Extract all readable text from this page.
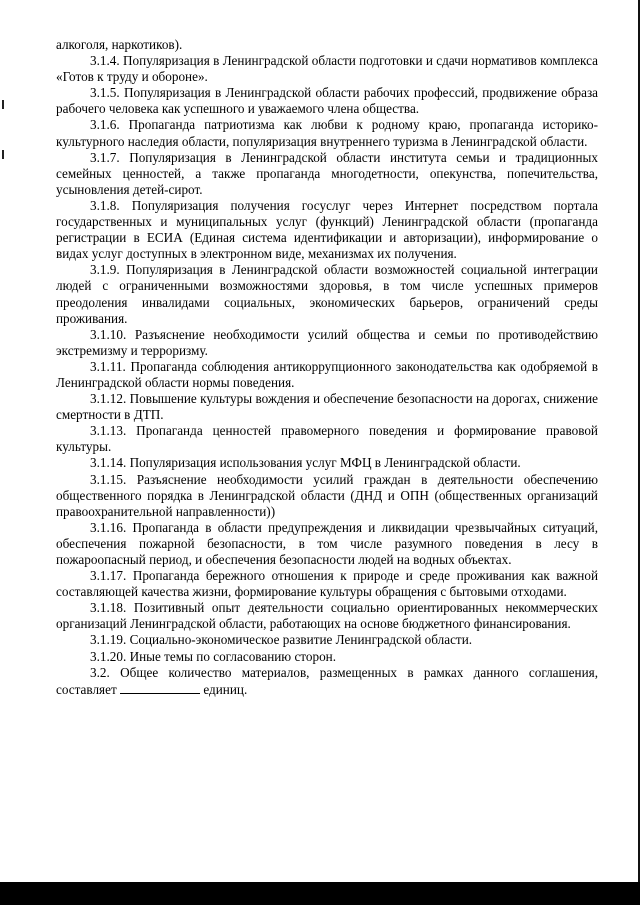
алкоголя, наркотиков).

3.1.4. Популяризация в Ленинградской области подготовки и сдачи нормативов комплекса «Готов к труду и обороне».

3.1.5. Популяризация в Ленинградской области рабочих профессий, продвижение образа рабочего человека как успешного и уважаемого члена общества.

3.1.6. Пропаганда патриотизма как любви к родному краю, пропаганда историко-культурного наследия области, популяризация внутреннего туризма в Ленинградской области.

3.1.7. Популяризация в Ленинградской области института семьи и традиционных семейных ценностей, а также пропаганда многодетности, опекунства, попечительства, усыновления детей-сирот.

3.1.8. Популяризация получения госуслуг через Интернет посредством портала государственных и муниципальных услуг (функций) Ленинградской области (пропаганда регистрации в ЕСИА (Единая система идентификации и авторизации), информирование о видах услуг доступных в электронном виде, механизмах их получения.

3.1.9. Популяризация в Ленинградской области возможностей социальной интеграции людей с ограниченными возможностями здоровья, в том числе успешных примеров преодоления инвалидами социальных, экономических барьеров, ограничений среды проживания.

3.1.10. Разъяснение необходимости усилий общества и семьи по противодействию экстремизму и терроризму.

3.1.11. Пропаганда соблюдения антикоррупционного законодательства как одобряемой в Ленинградской области нормы поведения.

3.1.12. Повышение культуры вождения и обеспечение безопасности на дорогах, снижение смертности в ДТП.

3.1.13. Пропаганда ценностей правомерного поведения и формирование правовой культуры.

3.1.14. Популяризация использования услуг МФЦ в Ленинградской области.

3.1.15. Разъяснение необходимости усилий граждан в деятельности обеспечению общественного порядка в Ленинградской области (ДНД и ОПН (общественных организаций правоохранительной направленности))

3.1.16. Пропаганда в области предупреждения и ликвидации чрезвычайных ситуаций, обеспечения пожарной безопасности, в том числе разумного поведения в лесу в пожароопасный период, и обеспечения безопасности людей на водных объектах.

3.1.17. Пропаганда бережного отношения к природе и среде проживания как важной составляющей качества жизни, формирование культуры обращения с бытовыми отходами.

3.1.18. Позитивный опыт деятельности социально ориентированных некоммерческих организаций Ленинградской области, работающих на основе бюджетного финансирования.

3.1.19. Социально-экономическое развитие Ленинградской области.

3.1.20. Иные темы по согласованию сторон.

3.2. Общее количество материалов, размещенных в рамках данного соглашения, составляет	единиц.
